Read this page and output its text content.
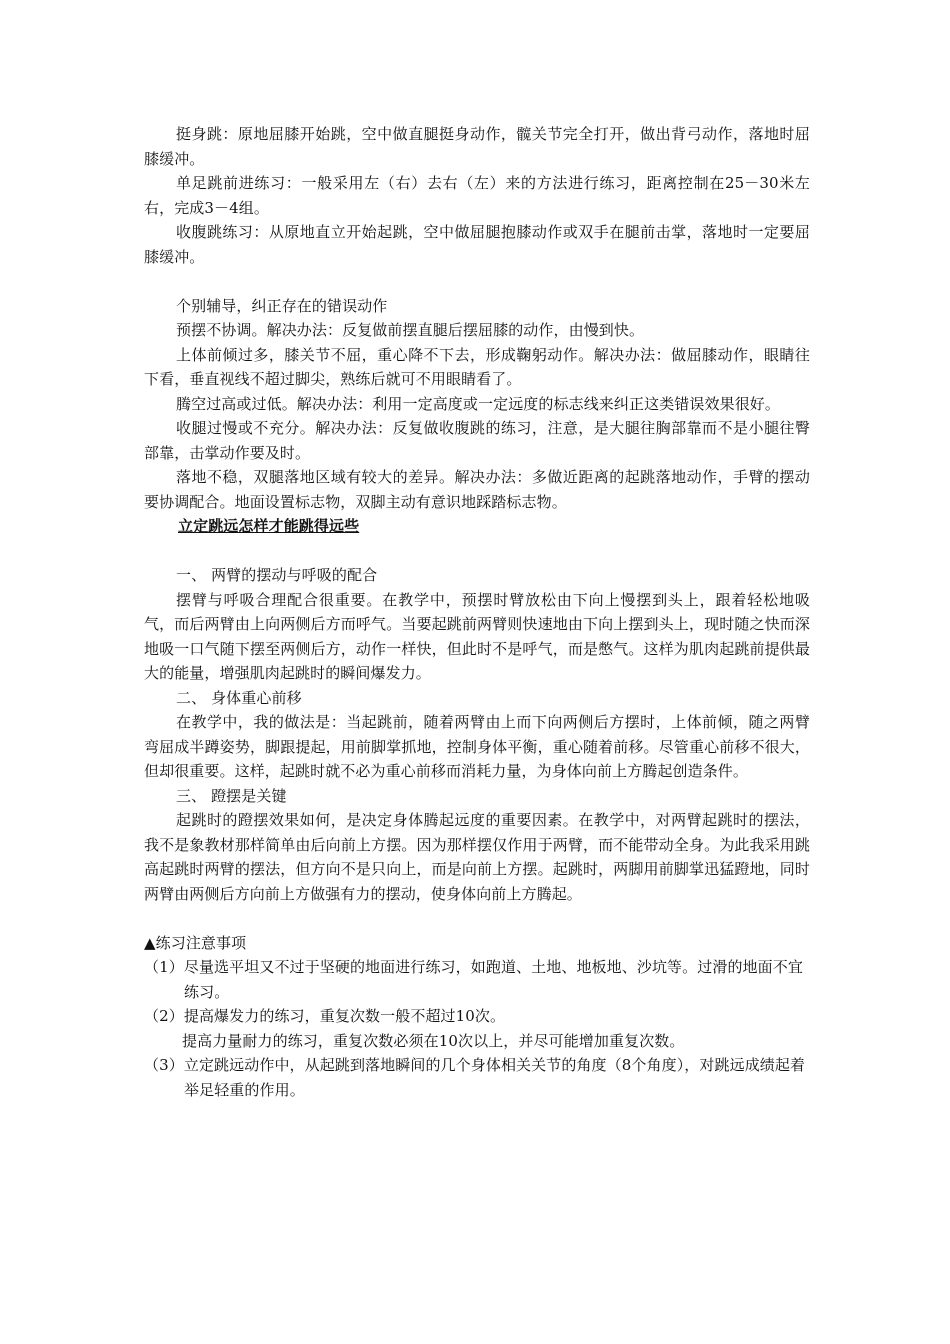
挺身跳：原地屈膝开始跳，空中做直腿挺身动作，髋关节完全打开，做出背弓动作，落地时屈膝缓冲。

单足跳前进练习：一般采用左（右）去右（左）来的方法进行练习，距离控制在25－30米左右，完成3－4组。

收腹跳练习：从原地直立开始起跳，空中做屈腿抱膝动作或双手在腿前击掌，落地时一定要屈膝缓冲。

个别辅导，纠正存在的错误动作

预摆不协调。解决办法：反复做前摆直腿后摆屈膝的动作，由慢到快。

上体前倾过多，膝关节不屈，重心降不下去，形成鞠躬动作。解决办法：做屈膝动作，眼睛往下看，垂直视线不超过脚尖，熟练后就可不用眼睛看了。

腾空过高或过低。解决办法：利用一定高度或一定远度的标志线来纠正这类错误效果很好。

收腿过慢或不充分。解决办法：反复做收腹跳的练习，注意，是大腿往胸部靠而不是小腿往臀部靠，击掌动作要及时。

落地不稳，双腿落地区域有较大的差异。解决办法：多做近距离的起跳落地动作，手臂的摆动要协调配合。地面设置标志物，双脚主动有意识地踩踏标志物。

立定跳远怎样才能跳得远些

一、 两臂的摆动与呼吸的配合

摆臂与呼吸合理配合很重要。在教学中，预摆时臂放松由下向上慢摆到头上，跟着轻松地吸气，而后两臂由上向两侧后方而呼气。当要起跳前两臂则快速地由下向上摆到头上，现时随之快而深地吸一口气随下摆至两侧后方，动作一样快，但此时不是呼气，而是憋气。这样为肌肉起跳前提供最大的能量，增强肌肉起跳时的瞬间爆发力。

二、 身体重心前移

在教学中，我的做法是：当起跳前，随着两臂由上而下向两侧后方摆时，上体前倾，随之两臂弯屈成半蹲姿势，脚跟提起，用前脚掌抓地，控制身体平衡，重心随着前移。尽管重心前移不很大，但却很重要。这样，起跳时就不必为重心前移而消耗力量，为身体向前上方腾起创造条件。

三、 蹬摆是关键

起跳时的蹬摆效果如何，是决定身体腾起远度的重要因素。在教学中，对两臂起跳时的摆法，我不是象教材那样简单由后向前上方摆。因为那样摆仅作用于两臂，而不能带动全身。为此我采用跳高起跳时两臂的摆法，但方向不是只向上，而是向前上方摆。起跳时，两脚用前脚掌迅猛蹬地，同时两臂由两侧后方向前上方做强有力的摆动，使身体向前上方腾起。

▲练习注意事项

（1）尽量选平坦又不过于坚硬的地面进行练习，如跑道、土地、地板地、沙坑等。过滑的地面不宜练习。

（2）提高爆发力的练习，重复次数一般不超过10次。

提高力量耐力的练习，重复次数必须在10次以上，并尽可能增加重复次数。

（3）立定跳远动作中，从起跳到落地瞬间的几个身体相关关节的角度（8个角度），对跳远成绩起着举足轻重的作用。
